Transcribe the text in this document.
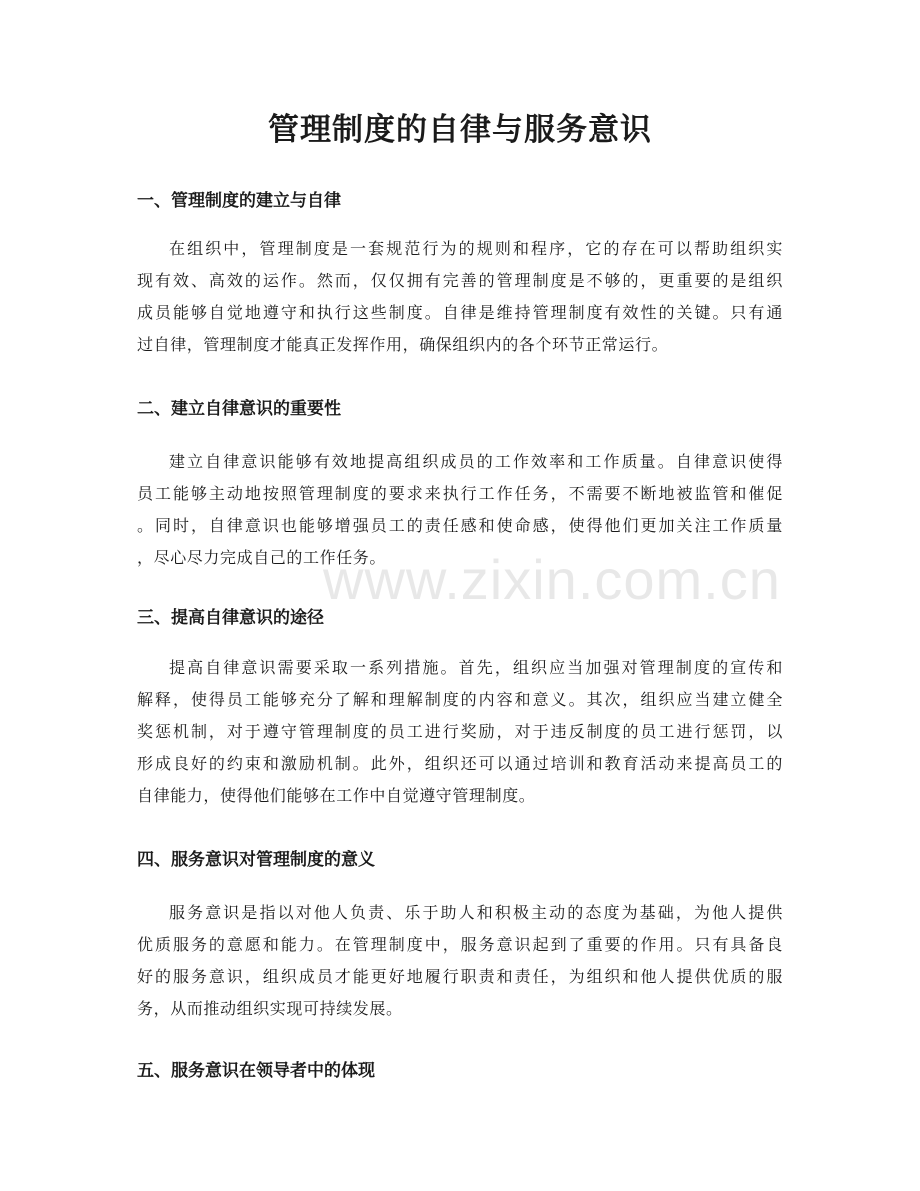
管理制度的自律与服务意识
一、管理制度的建立与自律

在组织中，管理制度是一套规范行为的规则和程序，它的存在可以帮助组织实
现有效、高效的运作。然而，仅仅拥有完善的管理制度是不够的，更重要的是组织
成员能够自觉地遵守和执行这些制度。自律是维持管理制度有效性的关键。只有通
过自律，管理制度才能真正发挥作用，确保组织内的各个环节正常运行。

二、建立自律意识的重要性

建立自律意识能够有效地提高组织成员的工作效率和工作质量。自律意识使得
员工能够主动地按照管理制度的要求来执行工作任务，不需要不断地被监管和催促
。同时，自律意识也能够增强员工的责任感和使命感，使得他们更加关注工作质量
，尽心尽力完成自己的工作任务。

三、提高自律意识的途径

提高自律意识需要采取一系列措施。首先，组织应当加强对管理制度的宣传和
解释，使得员工能够充分了解和理解制度的内容和意义。其次，组织应当建立健全
奖惩机制，对于遵守管理制度的员工进行奖励，对于违反制度的员工进行惩罚，以
形成良好的约束和激励机制。此外，组织还可以通过培训和教育活动来提高员工的
自律能力，使得他们能够在工作中自觉遵守管理制度。

四、服务意识对管理制度的意义

服务意识是指以对他人负责、乐于助人和积极主动的态度为基础，为他人提供
优质服务的意愿和能力。在管理制度中，服务意识起到了重要的作用。只有具备良
好的服务意识，组织成员才能更好地履行职责和责任，为组织和他人提供优质的服
务，从而推动组织实现可持续发展。

五、服务意识在领导者中的体现
www.zixin.com.cn
